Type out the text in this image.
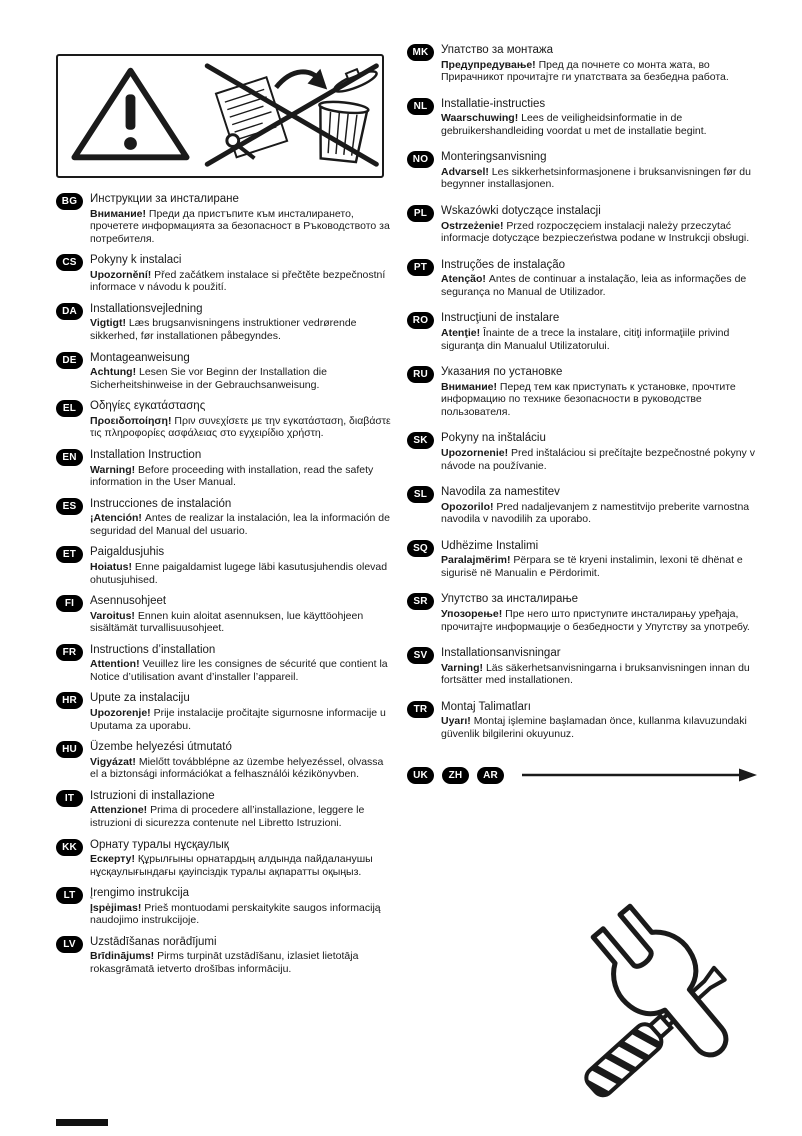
BG	Инструкции за инсталиране
Внимание! Преди да пристъпите към инсталирането, прочетете информацията за безопасност в Ръководството за потребителя.
CS	Pokyny k instalaci
Upozornění! Před začátkem instalace si přečtěte bezpečnostní informace v návodu k použití.
DA	Installationsvejledning
Vigtigt! Læs brugsanvisningens instruktioner vedrørende sikkerhed, før installationen påbegyndes.
DE	Montageanweisung
Achtung! Lesen Sie vor Beginn der Installation die Sicherheitshinweise in der Gebrauchsanweisung.
EL	Οδηγίες εγκατάστασης
Προειδοποίηση! Πριν συνεχίσετε με την εγκατάσταση, διαβάστε τις πληροφορίες ασφάλειας στο εγχειρίδιο χρήστη.
EN	Installation Instruction
Warning! Before proceeding with installation, read the safety information in the User Manual.
ES	Instrucciones de instalación
¡Atención! Antes de realizar la instalación, lea la información de seguridad del Manual del usuario.
ET	Paigaldusjuhis
Hoiatus! Enne paigaldamist lugege läbi kasutusjuhendis olevad ohutusjuhised.
FI	Asennusohjeet
Varoitus! Ennen kuin aloitat asennuksen, lue käyttöohjeen sisältämät turvallisuusohjeet.
FR	Instructions d’installation
Attention! Veuillez lire les consignes de sécurité que contient la Notice d’utilisation avant d’installer l’appareil.
HR	Upute za instalaciju
Upozorenje! Prije instalacije pročitajte sigurnosne informacije u Uputama za uporabu.
HU	Üzembe helyezési útmutató
Vigyázat! Mielőtt továbblépne az üzembe helyezéssel, olvassa el a biztonsági információkat a felhasználói kézikönyvben.
IT	Istruzioni di installazione
Attenzione! Prima di procedere all’installazione, leggere le istruzioni di sicurezza contenute nel Libretto Istruzioni.
KK	Орнату туралы нұсқаулық
Ескерту! Құрылғыны орнатардың алдында пайдаланушы нұсқаулығындағы қауіпсіздік туралы ақпаратты оқыңыз.
LT	Įrengimo instrukcija
Įspėjimas! Prieš montuodami perskaitykite saugos informaciją naudojimo instrukcijoje.
LV	Uzstādīšanas norādījumi
Brīdinājums! Pirms turpināt uzstādīšanu, izlasiet lietotāja rokasgrāmatā ietverto drošības informāciju.
MK	Упатство за монтажа
Предупредување! Пред да почнете со монта жата, во Прирачникот прочитајте ги упатствата за безбедна работа.
NL	Installatie-instructies
Waarschuwing! Lees de veiligheidsinformatie in de gebruikershandleiding voordat u met de installatie begint.
NO	Monteringsanvisning
Advarsel! Les sikkerhetsinformasjonene i bruksanvisningen før du begynner installasjonen.
PL	Wskazówki dotyczące instalacji
Ostrzeżenie! Przed rozpoczęciem instalacji należy przeczytać informacje dotyczące bezpieczeństwa podane w Instrukcji obsługi.
PT	Instruções de instalação
Atenção! Antes de continuar a instalação, leia as informações de segurança no Manual de Utilizador.
RO	Instrucţiuni de instalare
Atenţie! Înainte de a trece la instalare, citiţi informaţiile privind siguranţa din Manualul Utilizatorului.
RU	Указания по установке
Внимание! Перед тем как приступать к установке, прочтите информацию по технике безопасности в руководстве пользователя.
SK	Pokyny na inštaláciu
Upozornenie! Pred inštaláciou si prečítajte bezpečnostné pokyny v návode na používanie.
SL	Navodila za namestitev
Opozorilo! Pred nadaljevanjem z namestitvijo preberite varnostna navodila v navodilih za uporabo.
SQ	Udhëzime Instalimi
Paralajmërim! Përpara se të kryeni instalimin, lexoni të dhënat e sigurisë në Manualin e Përdorimit.
SR	Упутство за инсталирање
Упозорење! Пре него што приступите инсталирању уређаја, прочитајте информације о безбедности у Упутству за употребу.
SV	Installationsanvisningar
Varning! Läs säkerhetsanvisningarna i bruksanvisningen innan du fortsätter med installationen.
TR	Montaj Talimatları
Uyarı! Montaj işlemine başlamadan önce, kullanma kılavuzundaki güvenlik bilgilerini okuyunuz.
UK	ZH	AR
